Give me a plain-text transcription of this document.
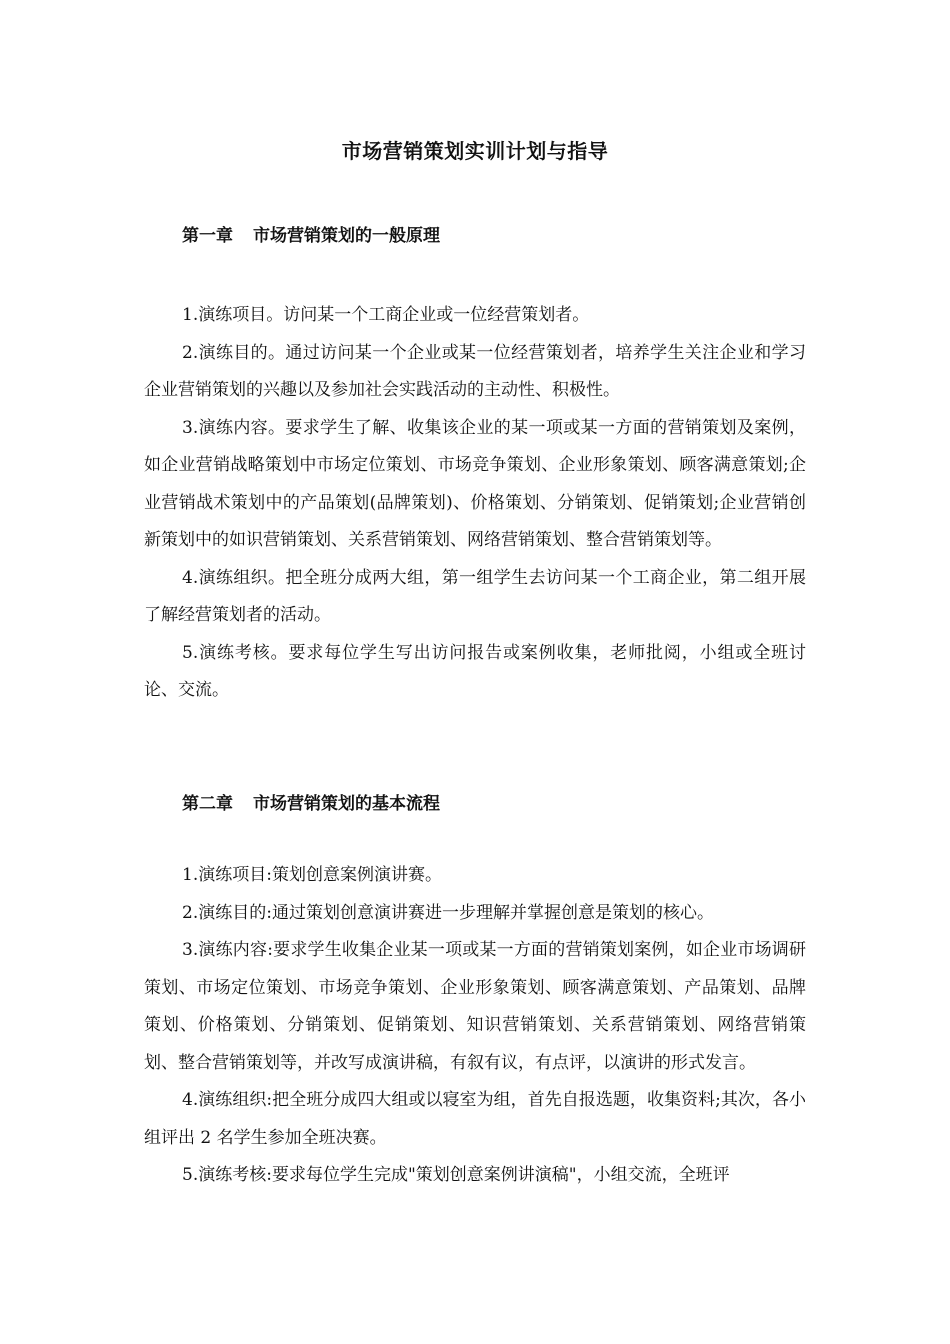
市场营销策划实训计划与指导
第一章 市场营销策划的一般原理

1.演练项目。访问某一个工商企业或一位经营策划者。

2.演练目的。通过访问某一个企业或某一位经营策划者，培养学生关注企业和学习企业营销策划的兴趣以及参加社会实践活动的主动性、积极性。

3.演练内容。要求学生了解、收集该企业的某一项或某一方面的营销策划及案例，如企业营销战略策划中市场定位策划、市场竞争策划、企业形象策划、顾客满意策划;企业营销战术策划中的产品策划(品牌策划)、价格策划、分销策划、促销策划;企业营销创新策划中的如识营销策划、关系营销策划、网络营销策划、整合营销策划等。

4.演练组织。把全班分成两大组，第一组学生去访问某一个工商企业，第二组开展了解经营策划者的活动。

5.演练考核。要求每位学生写出访问报告或案例收集，老师批阅，小组或全班讨论、交流。

第二章 市场营销策划的基本流程

1.演练项目:策划创意案例演讲赛。

2.演练目的:通过策划创意演讲赛进一步理解并掌握创意是策划的核心。

3.演练内容:要求学生收集企业某一项或某一方面的营销策划案例，如企业市场调研策划、市场定位策划、市场竞争策划、企业形象策划、顾客满意策划、产品策划、品牌策划、价格策划、分销策划、促销策划、知识营销策划、关系营销策划、网络营销策划、整合营销策划等，并改写成演讲稿，有叙有议，有点评，以演讲的形式发言。

4.演练组织:把全班分成四大组或以寝室为组，首先自报选题，收集资料;其次，各小组评出 2 名学生参加全班决赛。

5.演练考核:要求每位学生完成"策划创意案例讲演稿"，小组交流，全班评
